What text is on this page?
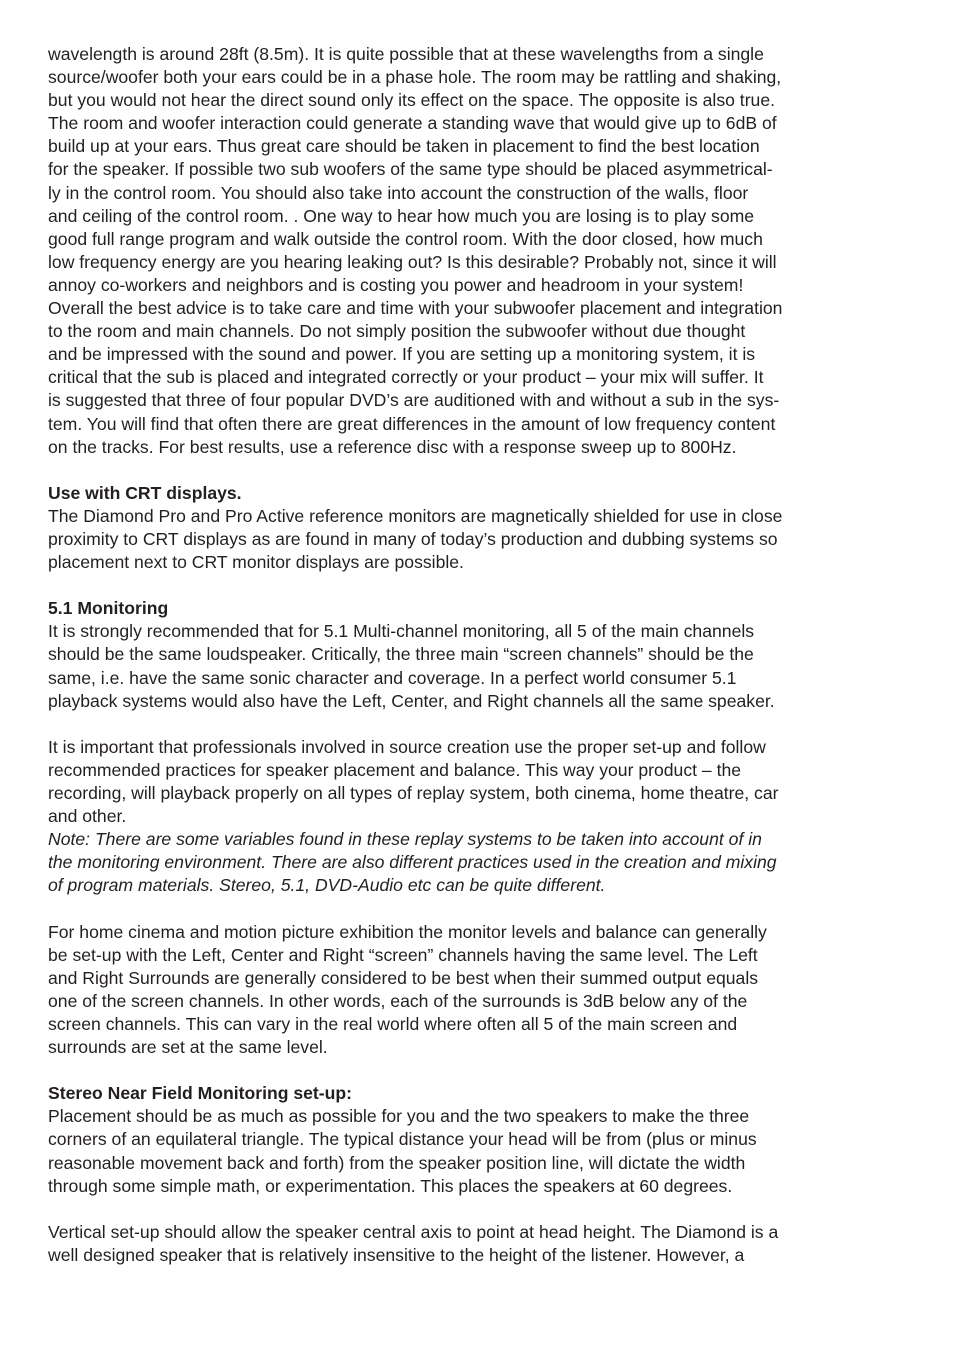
wavelength is around 28ft (8.5m). It is quite possible that at these wavelengths from a single
source/woofer both your ears could be in a phase hole. The room may be rattling and shaking,
but you would not hear the direct sound only its effect on the space. The opposite is also true.
The room and woofer interaction could generate a standing wave that would give up to 6dB of
build up at your ears. Thus great care should be taken in placement to find the best location
for the speaker. If possible two sub woofers of the same type should be placed asymmetrical-
ly in the control room. You should also take into account the construction of the walls, floor
and ceiling of the control room. . One way to hear how much you are losing is to play some
good full range program and walk outside the control room. With the door closed, how much
low frequency energy are you hearing leaking out? Is this desirable? Probably not, since it will
annoy co-workers and neighbors and is costing you power and headroom in your system!
Overall the best advice is to take care and time with your subwoofer placement and integration
to the room and main channels. Do not simply position the subwoofer without due thought
and be impressed with the sound and power. If you are setting up a monitoring system, it is
critical that the sub is placed and integrated correctly or your product – your mix will suffer. It
is suggested that three of four popular DVD’s are auditioned with and without a sub in the sys-
tem. You will find that often there are great differences in the amount of low frequency content
on the tracks. For best results, use a reference disc with a response sweep up to 800Hz.
Use with CRT displays.
The Diamond Pro and Pro Active reference monitors are magnetically shielded for use in close
proximity to CRT displays as are found in many of today’s production and dubbing systems so
placement next to CRT monitor displays are possible.
5.1 Monitoring
It is strongly recommended that for 5.1 Multi-channel monitoring, all 5 of the main channels
should be the same loudspeaker. Critically, the three main “screen channels” should be the
same, i.e. have the same sonic character and coverage. In a perfect world consumer 5.1
playback systems would also have the Left, Center, and Right channels all the same speaker.
It is important that professionals involved in source creation use the proper set-up and follow
recommended practices for speaker placement and balance. This way your product – the
recording, will playback properly on all types of replay system, both cinema, home theatre, car
and other.
Note: There are some variables found in these replay systems to be taken into account of in
the monitoring environment. There are also different practices used in the creation and mixing
of program materials. Stereo, 5.1, DVD-Audio etc can be quite different.
For home cinema and motion picture exhibition the monitor levels and balance can generally
be set-up with the Left, Center and Right “screen” channels having the same level. The Left
and Right Surrounds are generally considered to be best when their summed output equals
one of the screen channels. In other words, each of the surrounds is 3dB below any of the
screen channels. This can vary in the real world where often all 5 of the main screen and
surrounds are set at the same level.
Stereo Near Field Monitoring set-up:
Placement should be as much as possible for you and the two speakers to make the three
corners of an equilateral triangle. The typical distance your head will be from (plus or minus
reasonable movement back and forth) from the speaker position line, will dictate the width
through some simple math, or experimentation. This places the speakers at 60 degrees.
Vertical set-up should allow the speaker central axis to point at head height. The Diamond is a
well designed speaker that is relatively insensitive to the height of the listener. However, a
